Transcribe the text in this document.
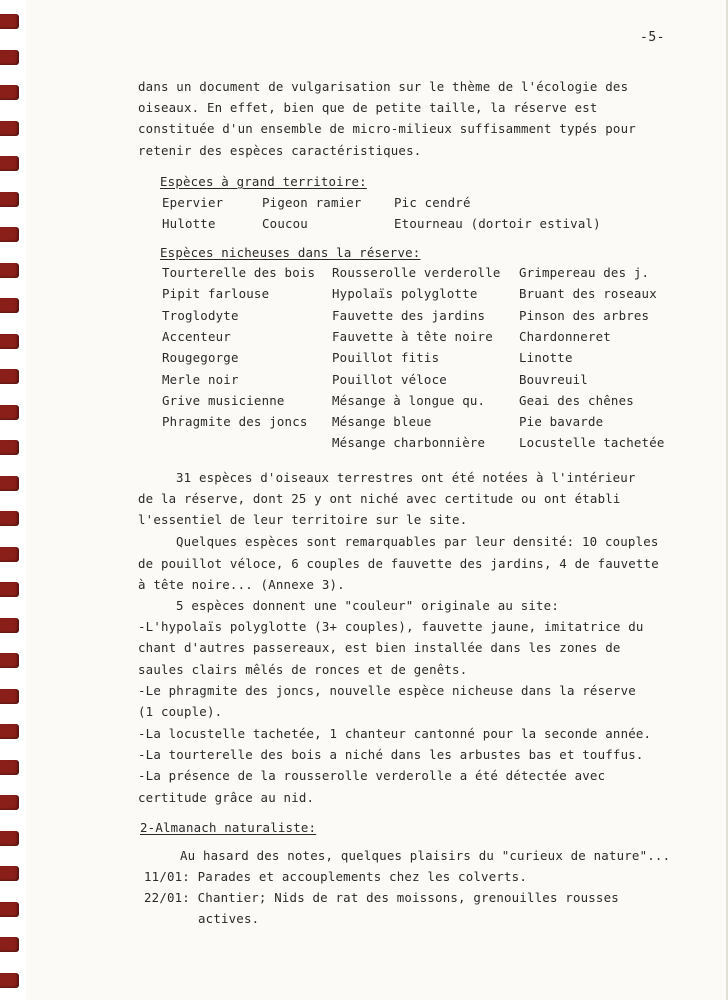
-5-
dans un document de vulgarisation sur le thème de l'écologie des
oiseaux. En effet, bien que de petite taille, la réserve est
constituée d'un ensemble de micro-milieux suffisamment typés pour
retenir des espèces caractéristiques.
Espèces à grand territoire:
Epervier
Hulotte
Pigeon ramier
Coucou
Pic cendré
Etourneau (dortoir estival)
Espèces nicheuses dans la réserve:
Tourterelle des bois
Pipit farlouse
Troglodyte
Accenteur
Rougegorge
Merle noir
Grive musicienne
Phragmite des joncs
Rousserolle verderolle
Hypolaïs polyglotte
Fauvette des jardins
Fauvette à tête noire
Pouillot fitis
Pouillot véloce
Mésange à longue qu.
Mésange bleue
Mésange charbonnière
Grimpereau des j.
Bruant des roseaux
Pinson des arbres
Chardonneret
Linotte
Bouvreuil
Geai des chênes
Pie bavarde
Locustelle tachetée
31 espèces d'oiseaux terrestres ont été notées à l'intérieur
de la réserve, dont 25 y ont niché avec certitude ou ont établi
l'essentiel de leur territoire sur le site.
Quelques espèces sont remarquables par leur densité: 10 couples
de pouillot véloce, 6 couples de fauvette des jardins, 4 de fauvette
à tête noire... (Annexe 3).
5 espèces donnent une "couleur" originale au site:
-L'hypolaïs polyglotte (3+ couples), fauvette jaune, imitatrice du
chant d'autres passereaux, est bien installée dans les zones de
saules clairs mêlés de ronces et de genêts.
-Le phragmite des joncs, nouvelle espèce nicheuse dans la réserve
(1 couple).
-La locustelle tachetée, 1 chanteur cantonné pour la seconde année.
-La tourterelle des bois a niché dans les arbustes bas et touffus.
-La présence de la rousserolle verderolle a été détectée avec
certitude grâce au nid.
2-Almanach naturaliste:
Au hasard des notes, quelques plaisirs du "curieux de nature"...
11/01: Parades et accouplements chez les colverts.
22/01: Chantier; Nids de rat des moissons, grenouilles rousses
actives.
